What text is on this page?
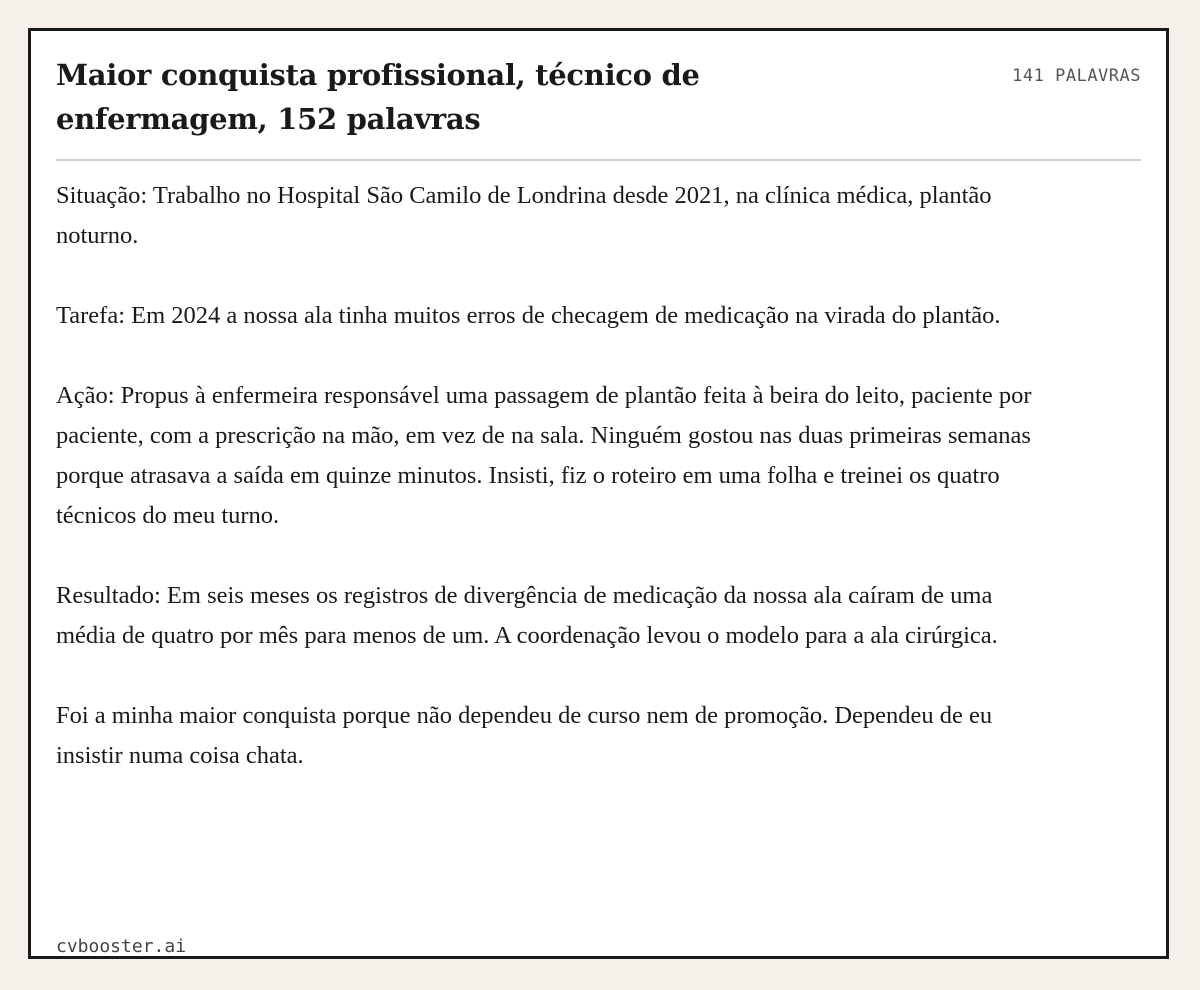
Maior conquista profissional, técnico de enfermagem, 152 palavras
141 PALAVRAS

Situação: Trabalho no Hospital São Camilo de Londrina desde 2021, na clínica médica, plantão noturno.

Tarefa: Em 2024 a nossa ala tinha muitos erros de checagem de medicação na virada do plantão.

Ação: Propus à enfermeira responsável uma passagem de plantão feita à beira do leito, paciente por paciente, com a prescrição na mão, em vez de na sala. Ninguém gostou nas duas primeiras semanas porque atrasava a saída em quinze minutos. Insisti, fiz o roteiro em uma folha e treinei os quatro técnicos do meu turno.

Resultado: Em seis meses os registros de divergência de medicação da nossa ala caíram de uma média de quatro por mês para menos de um. A coordenação levou o modelo para a ala cirúrgica.

Foi a minha maior conquista porque não dependeu de curso nem de promoção. Dependeu de eu insistir numa coisa chata.

cvbooster.ai
